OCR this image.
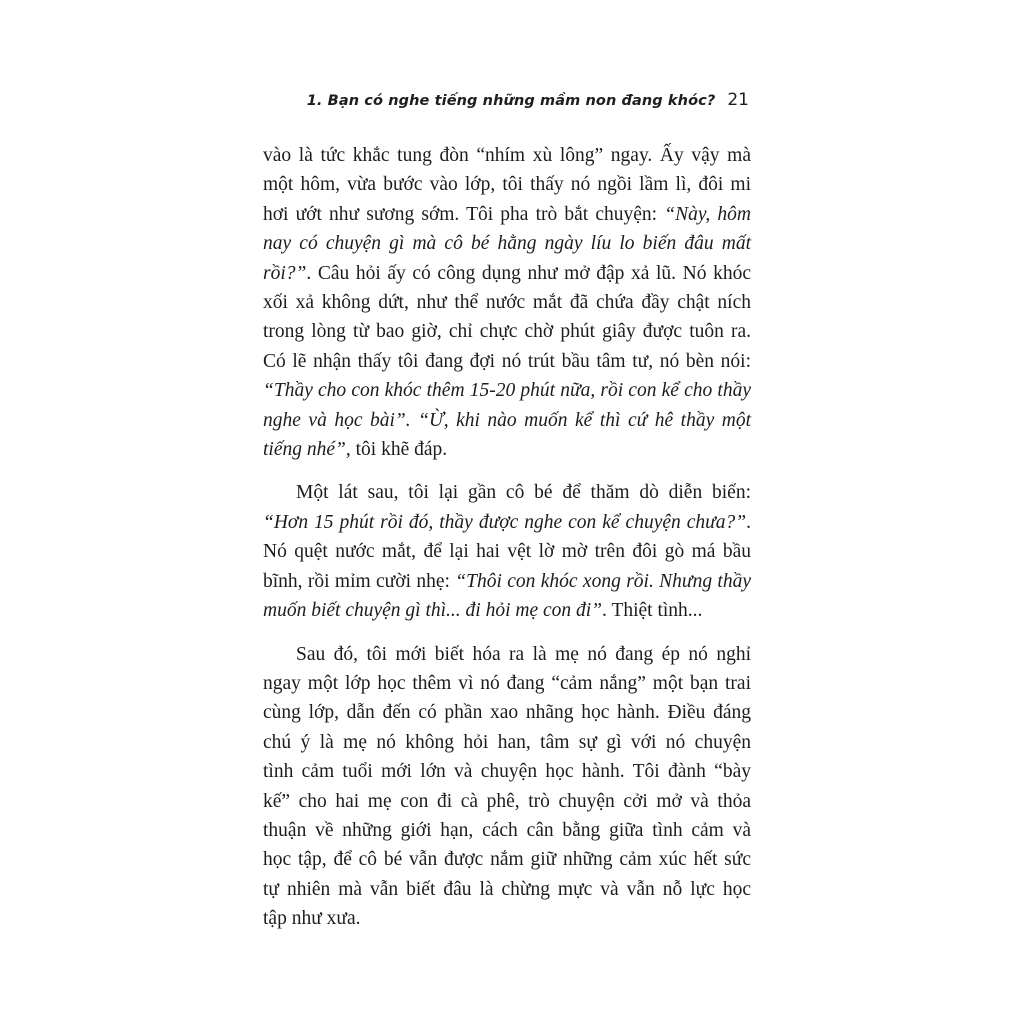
1. Bạn có nghe tiếng những mầm non đang khóc? 21
vào là tức khắc tung đòn “nhím xù lông” ngay. Ấy vậy mà
một hôm, vừa bước vào lớp, tôi thấy nó ngồi lầm lì, đôi mi
hơi ướt như sương sớm. Tôi pha trò bắt chuyện: “Này, hôm
nay có chuyện gì mà cô bé hằng ngày líu lo biến đâu mất
rồi?”. Câu hỏi ấy có công dụng như mở đập xả lũ. Nó khóc
xối xả không dứt, như thể nước mắt đã chứa đầy chật ních
trong lòng từ bao giờ, chỉ chực chờ phút giây được tuôn ra.
Có lẽ nhận thấy tôi đang đợi nó trút bầu tâm tư, nó bèn nói:
“Thầy cho con khóc thêm 15-20 phút nữa, rồi con kể cho thầy
nghe và học bài”. “Ừ, khi nào muốn kể thì cứ hê thầy một
tiếng nhé”, tôi khẽ đáp.
Một lát sau, tôi lại gần cô bé để thăm dò diễn biến:
“Hơn 15 phút rồi đó, thầy được nghe con kể chuyện chưa?”.
Nó quệt nước mắt, để lại hai vệt lờ mờ trên đôi gò má bầu
bĩnh, rồi mỉm cười nhẹ: “Thôi con khóc xong rồi. Nhưng thầy
muốn biết chuyện gì thì... đi hỏi mẹ con đi”. Thiệt tình...
Sau đó, tôi mới biết hóa ra là mẹ nó đang ép nó nghỉ
ngay một lớp học thêm vì nó đang “cảm nắng” một bạn trai
cùng lớp, dẫn đến có phần xao nhãng học hành. Điều đáng
chú ý là mẹ nó không hỏi han, tâm sự gì với nó chuyện
tình cảm tuổi mới lớn và chuyện học hành. Tôi đành “bày
kế” cho hai mẹ con đi cà phê, trò chuyện cởi mở và thỏa
thuận về những giới hạn, cách cân bằng giữa tình cảm và
học tập, để cô bé vẫn được nắm giữ những cảm xúc hết sức
tự nhiên mà vẫn biết đâu là chừng mực và vẫn nỗ lực học
tập như xưa.
